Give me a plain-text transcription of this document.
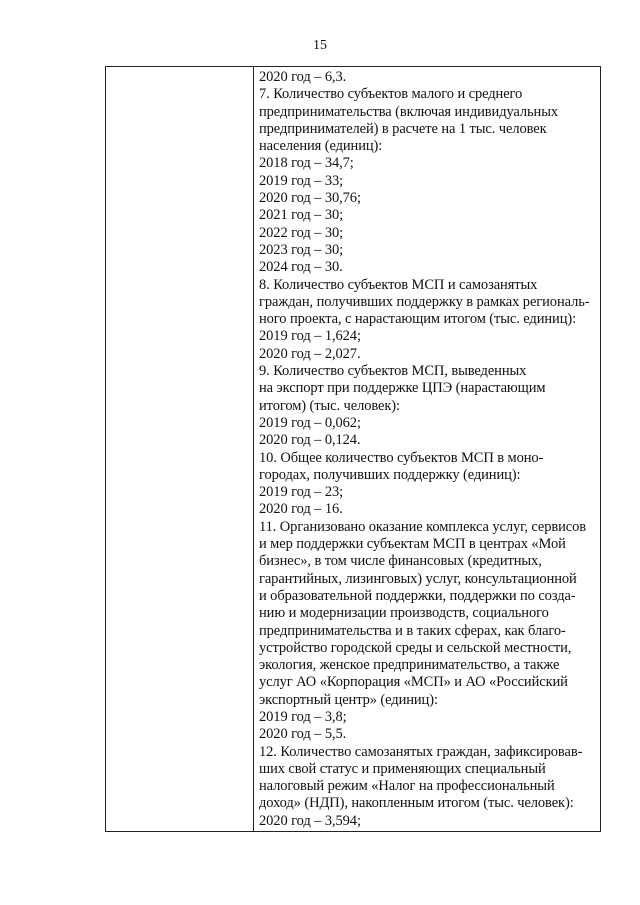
15
2020 год – 6,3.
7. Количество субъектов малого и среднего
предпринимательства (включая индивидуальных
предпринимателей) в расчете на 1 тыс. человек
населения (единиц):
2018 год – 34,7;
2019 год – 33;
2020 год – 30,76;
2021 год – 30;
2022 год – 30;
2023 год – 30;
2024 год – 30.
8. Количество субъектов МСП и самозанятых
граждан, получивших поддержку в рамках региональ-
ного проекта, с нарастающим итогом (тыс. единиц):
2019 год – 1,624;
2020 год – 2,027.
9. Количество субъектов МСП, выведенных
на экспорт при поддержке ЦПЭ (нарастающим
итогом) (тыс. человек):
2019 год – 0,062;
2020 год – 0,124.
10. Общее количество субъектов МСП в моно-
городах, получивших поддержку (единиц):
2019 год – 23;
2020 год – 16.
11. Организовано оказание комплекса услуг, сервисов
и мер поддержки субъектам МСП в центрах «Мой
бизнес», в том числе финансовых (кредитных,
гарантийных, лизинговых) услуг, консультационной
и образовательной поддержки, поддержки по созда-
нию и модернизации производств, социального
предпринимательства и в таких сферах, как благо-
устройство городской среды и сельской местности,
экология, женское предпринимательство, а также
услуг АО «Корпорация «МСП» и АО «Российский
экспортный центр» (единиц):
2019 год – 3,8;
2020 год – 5,5.
12. Количество самозанятых граждан, зафиксировав-
ших свой статус и применяющих специальный
налоговый режим «Налог на профессиональный
доход» (НДП), накопленным итогом (тыс. человек):
2020 год – 3,594;
